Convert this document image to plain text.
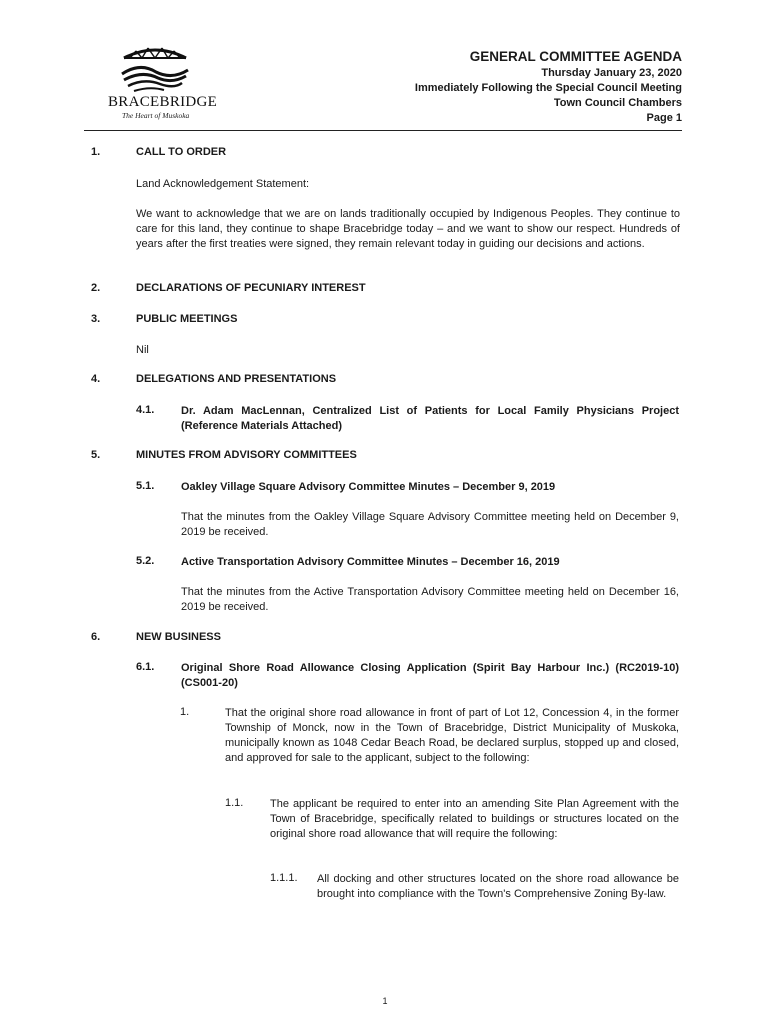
BRACEBRIDGE
The Heart of Muskoka
GENERAL COMMITTEE AGENDA
Thursday January 23, 2020
Immediately Following the Special Council Meeting
Town Council Chambers
Page 1
1.	CALL TO ORDER
Land Acknowledgement Statement:
We want to acknowledge that we are on lands traditionally occupied by Indigenous Peoples. They continue to care for this land, they continue to shape Bracebridge today – and we want to show our respect. Hundreds of years after the first treaties were signed, they remain relevant today in guiding our decisions and actions.
2.	DECLARATIONS OF PECUNIARY INTEREST
3.	PUBLIC MEETINGS
Nil
4.	DELEGATIONS AND PRESENTATIONS
4.1. Dr. Adam MacLennan, Centralized List of Patients for Local Family Physicians Project (Reference Materials Attached)
5.	MINUTES FROM ADVISORY COMMITTEES
5.1. Oakley Village Square Advisory Committee Minutes – December 9, 2019
That the minutes from the Oakley Village Square Advisory Committee meeting held on December 9, 2019 be received.
5.2. Active Transportation Advisory Committee Minutes – December 16, 2019
That the minutes from the Active Transportation Advisory Committee meeting held on December 16, 2019 be received.
6.	NEW BUSINESS
6.1. Original Shore Road Allowance Closing Application (Spirit Bay Harbour Inc.) (RC2019-10) (CS001-20)
1.	That the original shore road allowance in front of part of Lot 12, Concession 4, in the former Township of Monck, now in the Town of Bracebridge, District Municipality of Muskoka, municipally known as 1048 Cedar Beach Road, be declared surplus, stopped up and closed, and approved for sale to the applicant, subject to the following:
1.1. The applicant be required to enter into an amending Site Plan Agreement with the Town of Bracebridge, specifically related to buildings or structures located on the original shore road allowance that will require the following:
1.1.1. All docking and other structures located on the shore road allowance be brought into compliance with the Town's Comprehensive Zoning By-law.
1
